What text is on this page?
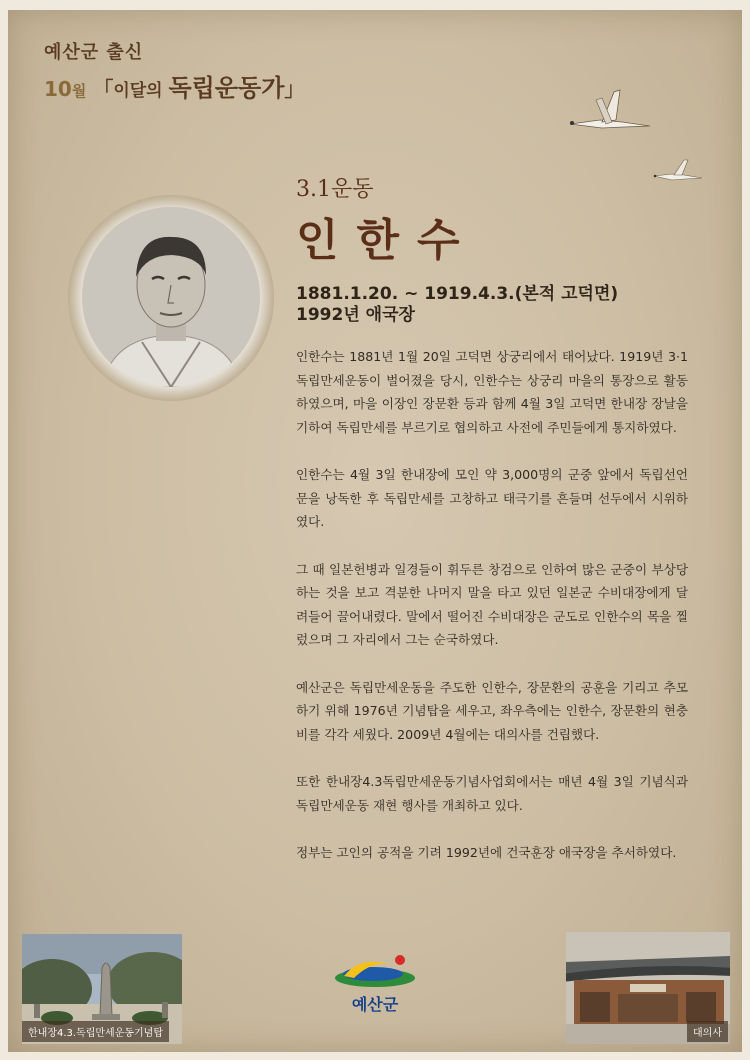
예산군 출신
10월 「이달의 독립운동가」
3.1운동
인한수
1881.1.20. ~ 1919.4.3.(본적 고덕면)
1992년 애국장

인한수는 1881년 1월 20일 고덕면 상궁리에서 태어났다. 1919년 3·1독립만세운동이 벌어졌을 당시, 인한수는 상궁리 마을의 통장으로 활동하였으며, 마을 이장인 장문환 등과 함께 4월 3일 고덕면 한내장 장날을 기하여 독립만세를 부르기로 협의하고 사전에 주민들에게 통지하였다.

인한수는 4월 3일 한내장에 모인 약 3,000명의 군중 앞에서 독립선언문을 낭독한 후 독립만세를 고창하고 태극기를 흔들며 선두에서 시위하였다.

그 때 일본헌병과 일경들이 휘두른 창검으로 인하여 많은 군중이 부상당하는 것을 보고 격분한 나머지 말을 타고 있던 일본군 수비대장에게 달려들어 끌어내렸다. 말에서 떨어진 수비대장은 군도로 인한수의 목을 찔렀으며 그 자리에서 그는 순국하였다.

예산군은 독립만세운동을 주도한 인한수, 장문환의 공훈을 기리고 추모하기 위해 1976년 기념탑을 세우고, 좌우측에는 인한수, 장문환의 현충비를 각각 세웠다. 2009년 4월에는 대의사를 건립했다.

또한 한내장4.3독립만세운동기념사업회에서는 매년 4월 3일 기념식과 독립만세운동 재현 행사를 개최하고 있다.

정부는 고인의 공적을 기려 1992년에 건국훈장 애국장을 추서하였다.

한내장4.3.독립만세운동기념탑
예산군
대의사
